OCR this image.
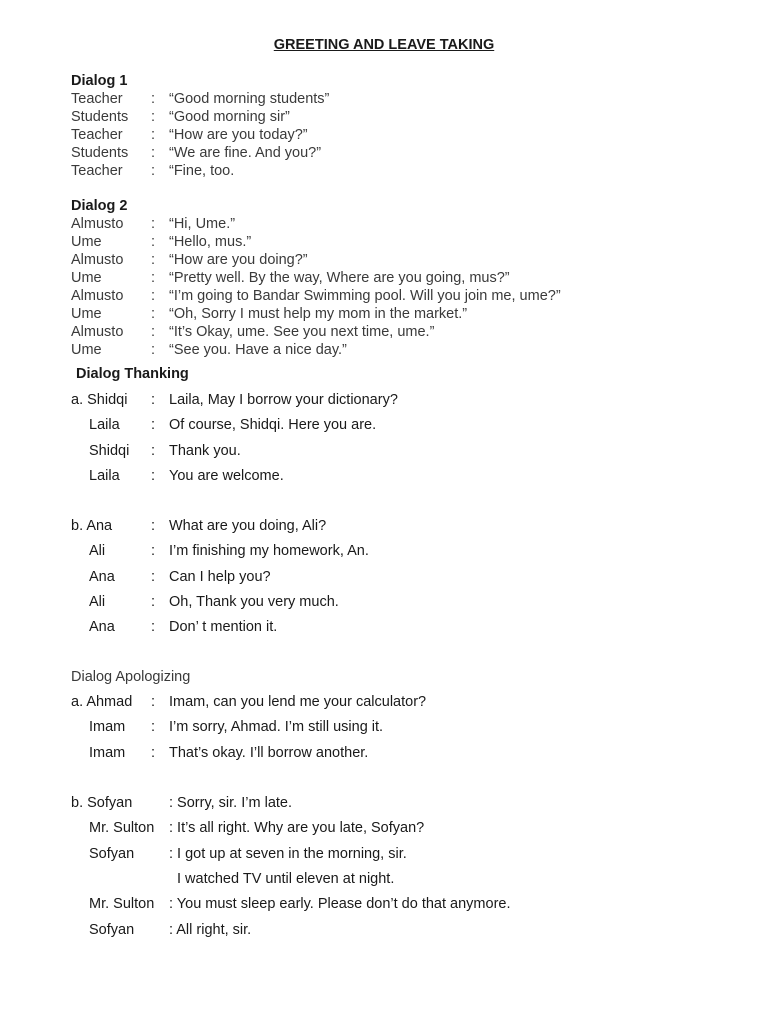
GREETING AND LEAVE TAKING
Dialog 1
Teacher : “Good morning students”
Students : “Good morning sir”
Teacher : “How are you today?”
Students : “We are fine. And you?”
Teacher : “Fine, too.
Dialog 2
Almusto : “Hi, Ume.”
Ume	: “Hello, mus.”
Almusto : “How are you doing?”
Ume	: “Pretty well. By the way, Where are you going, mus?”
Almusto : “I’m going to Bandar Swimming pool. Will you join me, ume?”
Ume	: “Oh, Sorry I must help my mom in the market.”
Almusto : “It’s Okay, ume. See you next time, ume.”
Ume	: “See you. Have a nice day.”
Dialog Thanking
a. Shidqi : Laila, May I borrow your dictionary?
Laila : Of course, Shidqi. Here you are.
Shidqi : Thank you.
Laila : You are welcome.
b. Ana	: What are you doing, Ali?
Ali	: I’m finishing my homework, An.
Ana : Can I help you?
Ali	: Oh, Thank you very much.
Ana : Don’ t mention it.
Dialog Apologizing
a. Ahmad : Imam, can you lend me your calculator?
Imam : I’m sorry, Ahmad. I’m still using it.
Imam : That’s okay. I’ll borrow another.
b. Sofyan	: Sorry, sir. I’m late.
Mr. Sulton : It’s all right. Why are you late, Sofyan?
Sofyan : I got up at seven in the morning, sir.
I watched TV until eleven at night.
Mr. Sulton : You must sleep early. Please don’t do that anymore.
Sofyan : All right, sir.
